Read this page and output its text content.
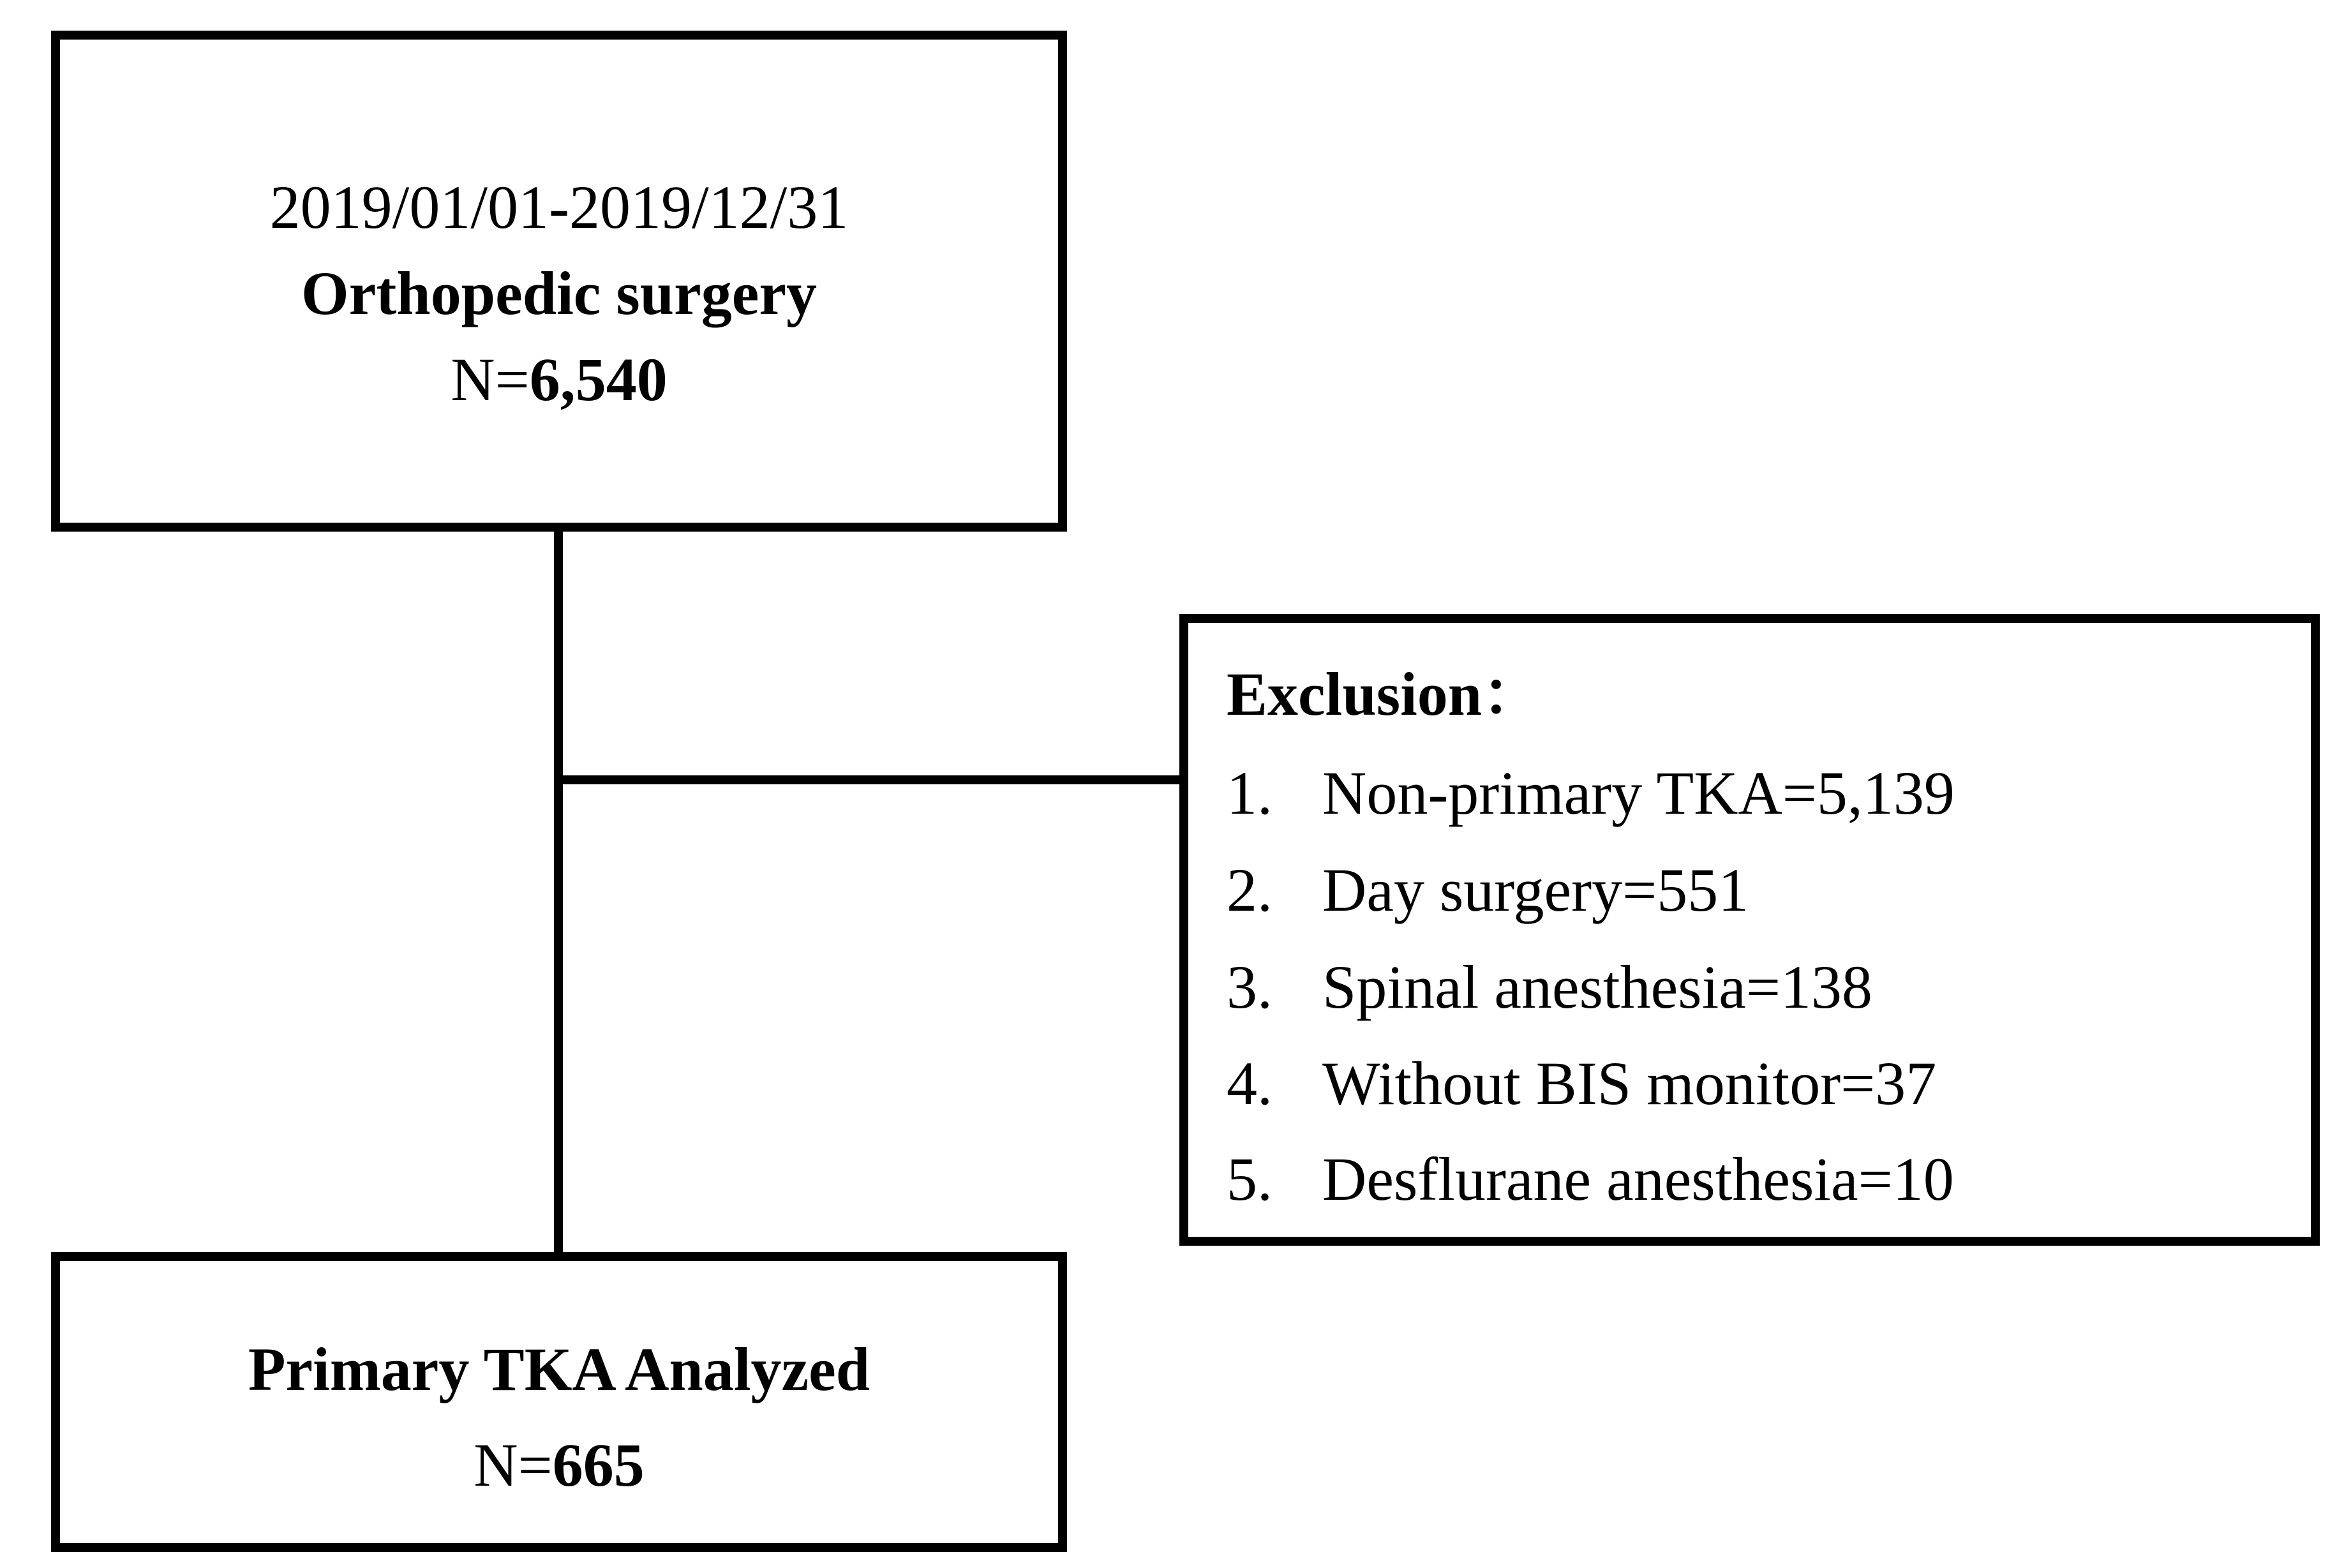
2019/01/01-2019/12/31
Orthopedic surgery
N=6,540
Exclusion：
1. Non-primary TKA=5,139
2. Day surgery=551
3. Spinal anesthesia=138
4. Without BIS monitor=37
5. Desflurane anesthesia=10
Primary TKA Analyzed
N=665
